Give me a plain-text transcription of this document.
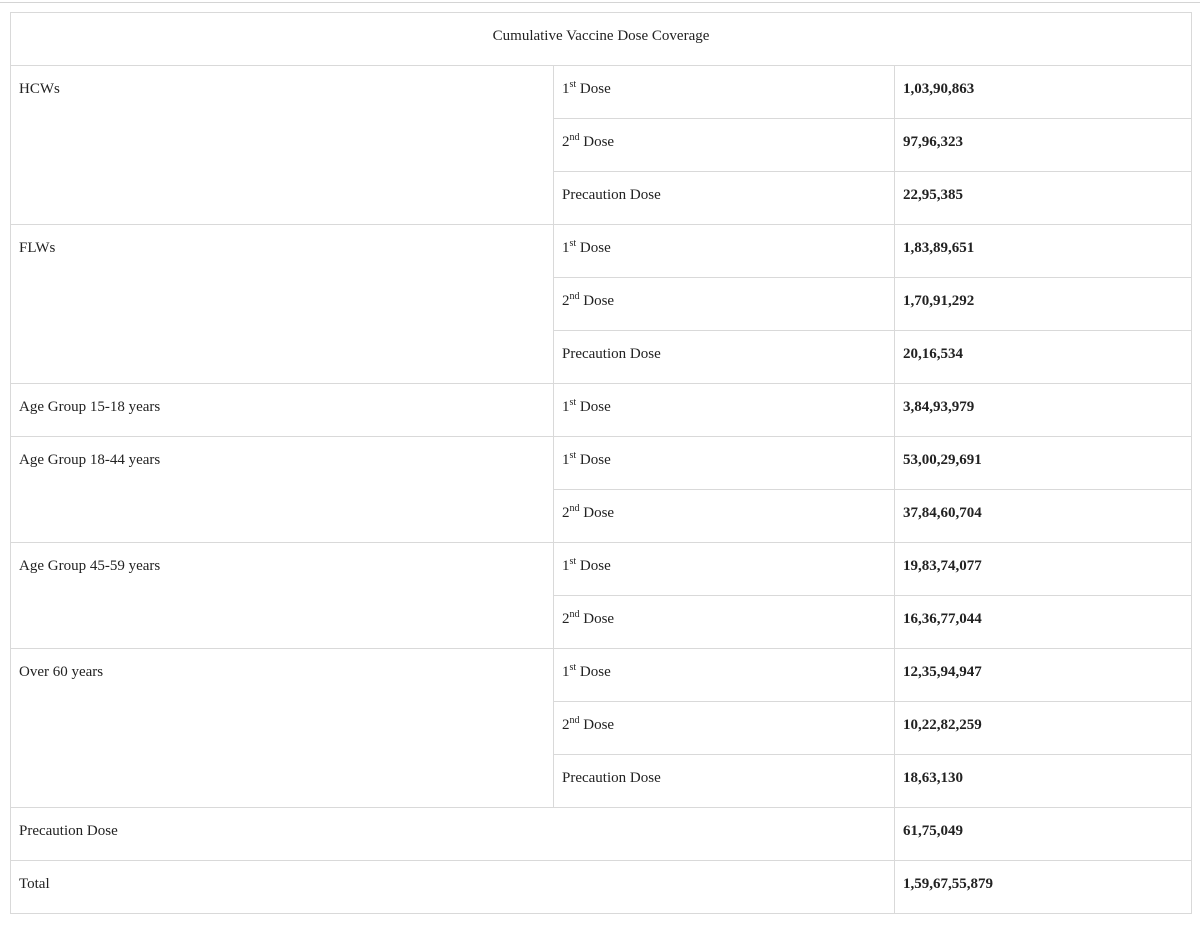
Cumulative Vaccine Dose Coverage		

HCWs	1st Dose	1,03,90,863

	2nd Dose	97,96,323

	Precaution Dose	22,95,385

FLWs	1st Dose	1,83,89,651

	2nd Dose	1,70,91,292

	Precaution Dose	20,16,534

Age Group 15-18 years	1st Dose	3,84,93,979

Age Group 18-44 years	1st Dose	53,00,29,691

	2nd Dose	37,84,60,704

Age Group 45-59 years	1st Dose	19,83,74,077

	2nd Dose	16,36,77,044

Over 60 years	1st Dose	12,35,94,947

	2nd Dose	10,22,82,259

	Precaution Dose	18,63,130

Precaution Dose		61,75,049

Total		1,59,67,55,879
